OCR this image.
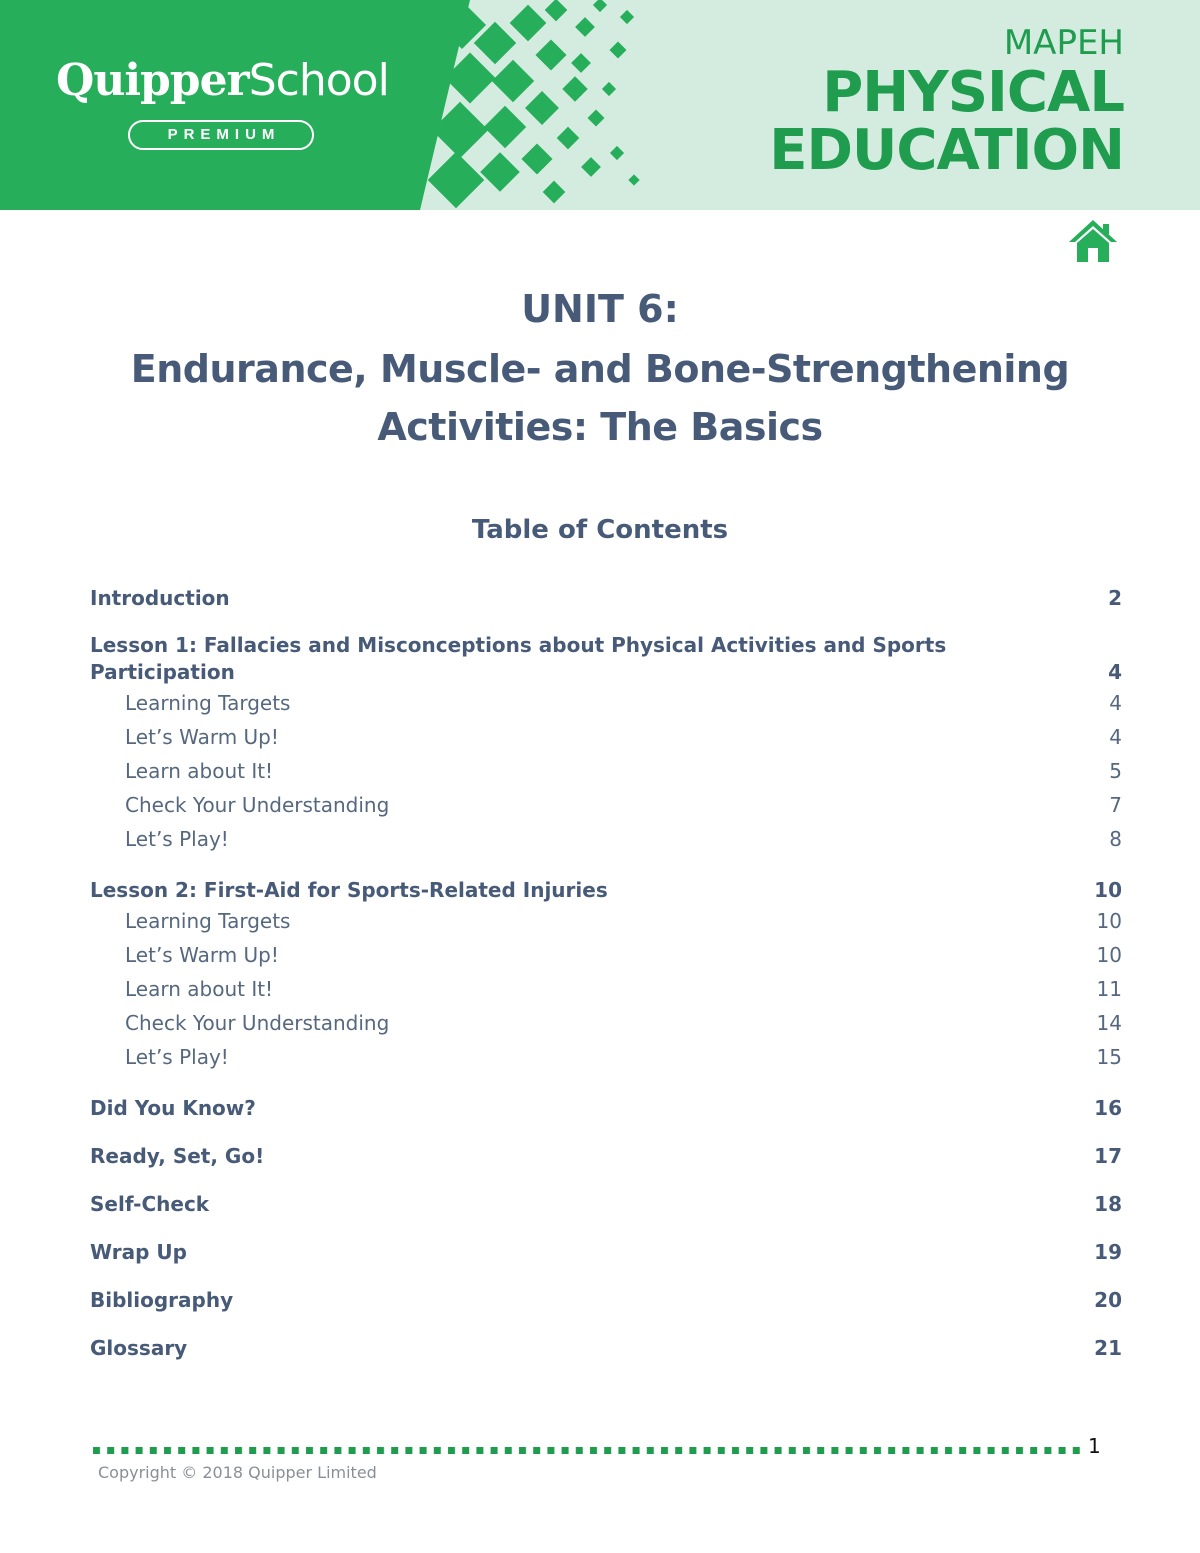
QuipperSchool
PREMIUM
MAPEH
PHYSICAL
EDUCATION
UNIT 6:
Endurance, Muscle- and Bone-Strengthening
Activities: The Basics
Table of Contents
Introduction	2
Lesson 1: Fallacies and Misconceptions about Physical Activities and Sports
Participation	4
Learning Targets	4
Let’s Warm Up!	4
Learn about It!	5
Check Your Understanding	7
Let’s Play!	8
Lesson 2: First-Aid for Sports-Related Injuries	10
Learning Targets	10
Let’s Warm Up!	10
Learn about It!	11
Check Your Understanding	14
Let’s Play!	15
Did You Know?	16
Ready, Set, Go!	17
Self-Check	18
Wrap Up	19
Bibliography	20
Glossary	21
1
Copyright © 2018 Quipper Limited
